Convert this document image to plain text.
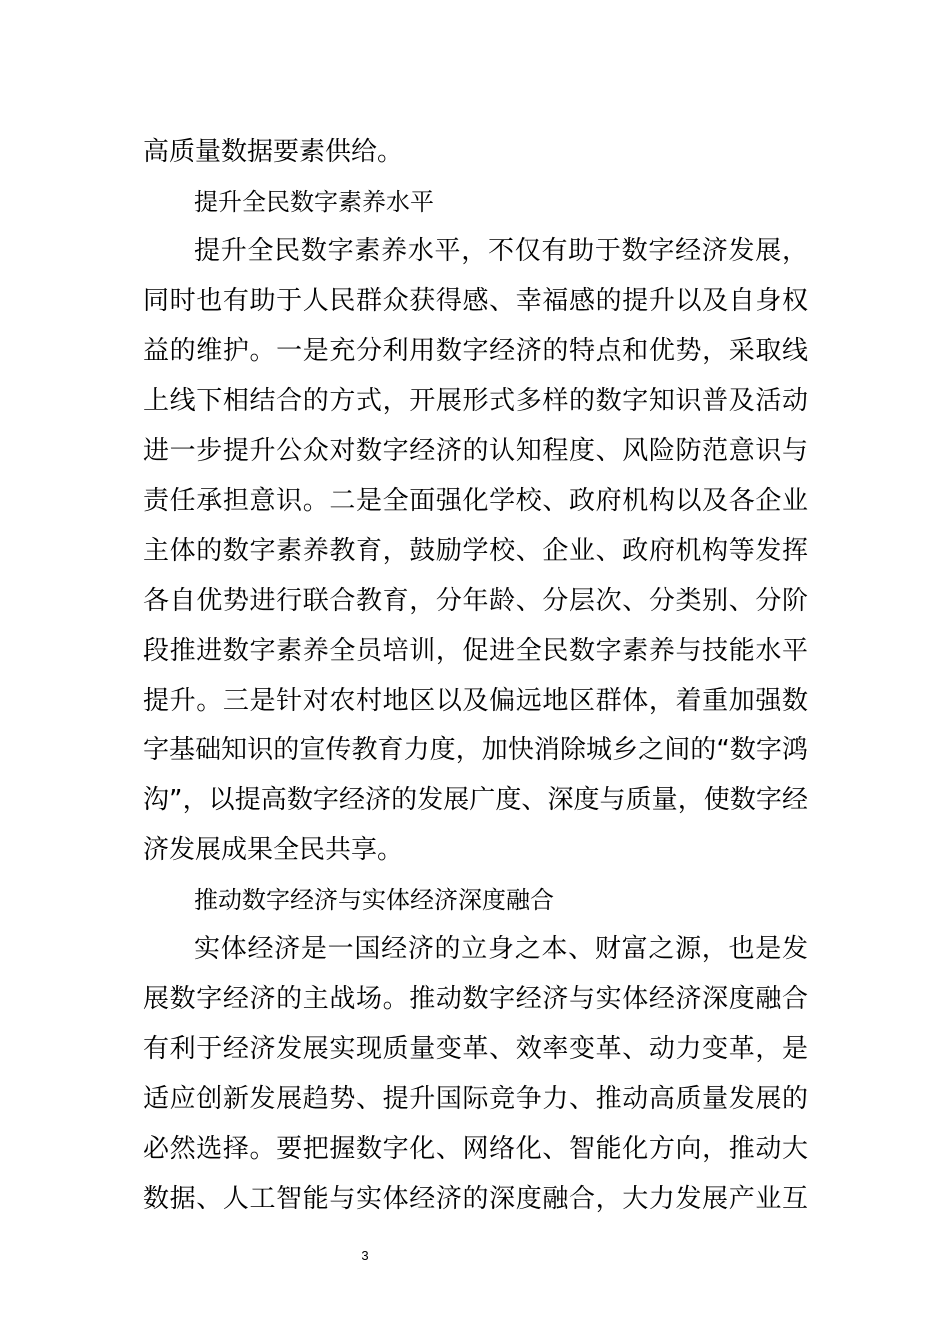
高质量数据要素供给。
提升全民数字素养水平
提升全民数字素养水平，不仅有助于数字经济发展，
同时也有助于人民群众获得感、幸福感的提升以及自身权
益的维护。一是充分利用数字经济的特点和优势，采取线
上线下相结合的方式，开展形式多样的数字知识普及活动
进一步提升公众对数字经济的认知程度、风险防范意识与
责任承担意识。二是全面强化学校、政府机构以及各企业
主体的数字素养教育，鼓励学校、企业、政府机构等发挥
各自优势进行联合教育，分年龄、分层次、分类别、分阶
段推进数字素养全员培训，促进全民数字素养与技能水平
提升。三是针对农村地区以及偏远地区群体，着重加强数
字基础知识的宣传教育力度，加快消除城乡之间的“数字鸿
沟”，以提高数字经济的发展广度、深度与质量，使数字经
济发展成果全民共享。
推动数字经济与实体经济深度融合
实体经济是一国经济的立身之本、财富之源，也是发
展数字经济的主战场。推动数字经济与实体经济深度融合
有利于经济发展实现质量变革、效率变革、动力变革，是
适应创新发展趋势、提升国际竞争力、推动高质量发展的
必然选择。要把握数字化、网络化、智能化方向，推动大
数据、人工智能与实体经济的深度融合，大力发展产业互
3
